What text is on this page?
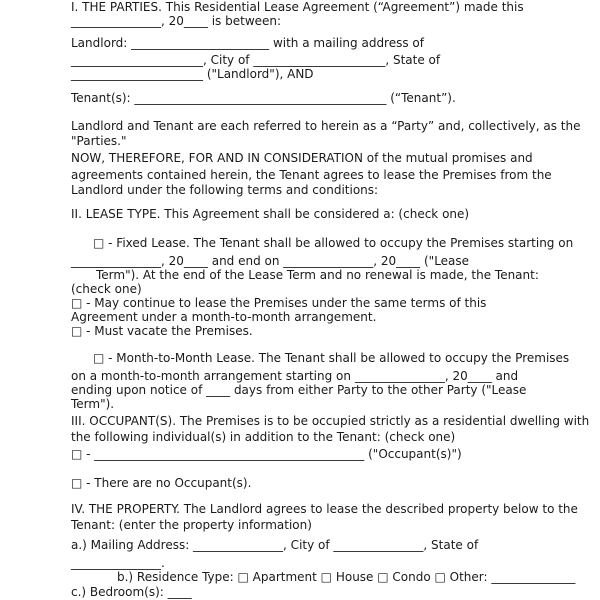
I. THE PARTIES. This Residential Lease Agreement (“Agreement”) made this
_______________, 20____ is between:
Landlord: _______________________ with a mailing address of
______________________, City of ______________________, State of
______________________ ("Landlord"), AND
Tenant(s): __________________________________________ (“Tenant”).
Landlord and Tenant are each referred to herein as a “Party” and, collectively, as the
"Parties."
NOW, THEREFORE, FOR AND IN CONSIDERATION of the mutual promises and
agreements contained herein, the Tenant agrees to lease the Premises from the
Landlord under the following terms and conditions:
II. LEASE TYPE. This Agreement shall be considered a: (check one)
□ - Fixed Lease. The Tenant shall be allowed to occupy the Premises starting on
_______________, 20____ and end on _______________, 20____ ("Lease
Term"). At the end of the Lease Term and no renewal is made, the Tenant:
(check one)
□ - May continue to lease the Premises under the same terms of this
Agreement under a month-to-month arrangement.
□ - Must vacate the Premises.
□ - Month-to-Month Lease. The Tenant shall be allowed to occupy the Premises
on a month-to-month arrangement starting on _______________, 20____ and
ending upon notice of ____ days from either Party to the other Party ("Lease
Term").
III. OCCUPANT(S). The Premises is to be occupied strictly as a residential dwelling with
the following individual(s) in addition to the Tenant: (check one)
□ - _____________________________________________ ("Occupant(s)")
□ - There are no Occupant(s).
IV. THE PROPERTY. The Landlord agrees to lease the described property below to the
Tenant: (enter the property information)
a.) Mailing Address: _______________, City of _______________, State of
_______________.
b.) Residence Type: □ Apartment □ House □ Condo □ Other: ______________
c.) Bedroom(s): ____
